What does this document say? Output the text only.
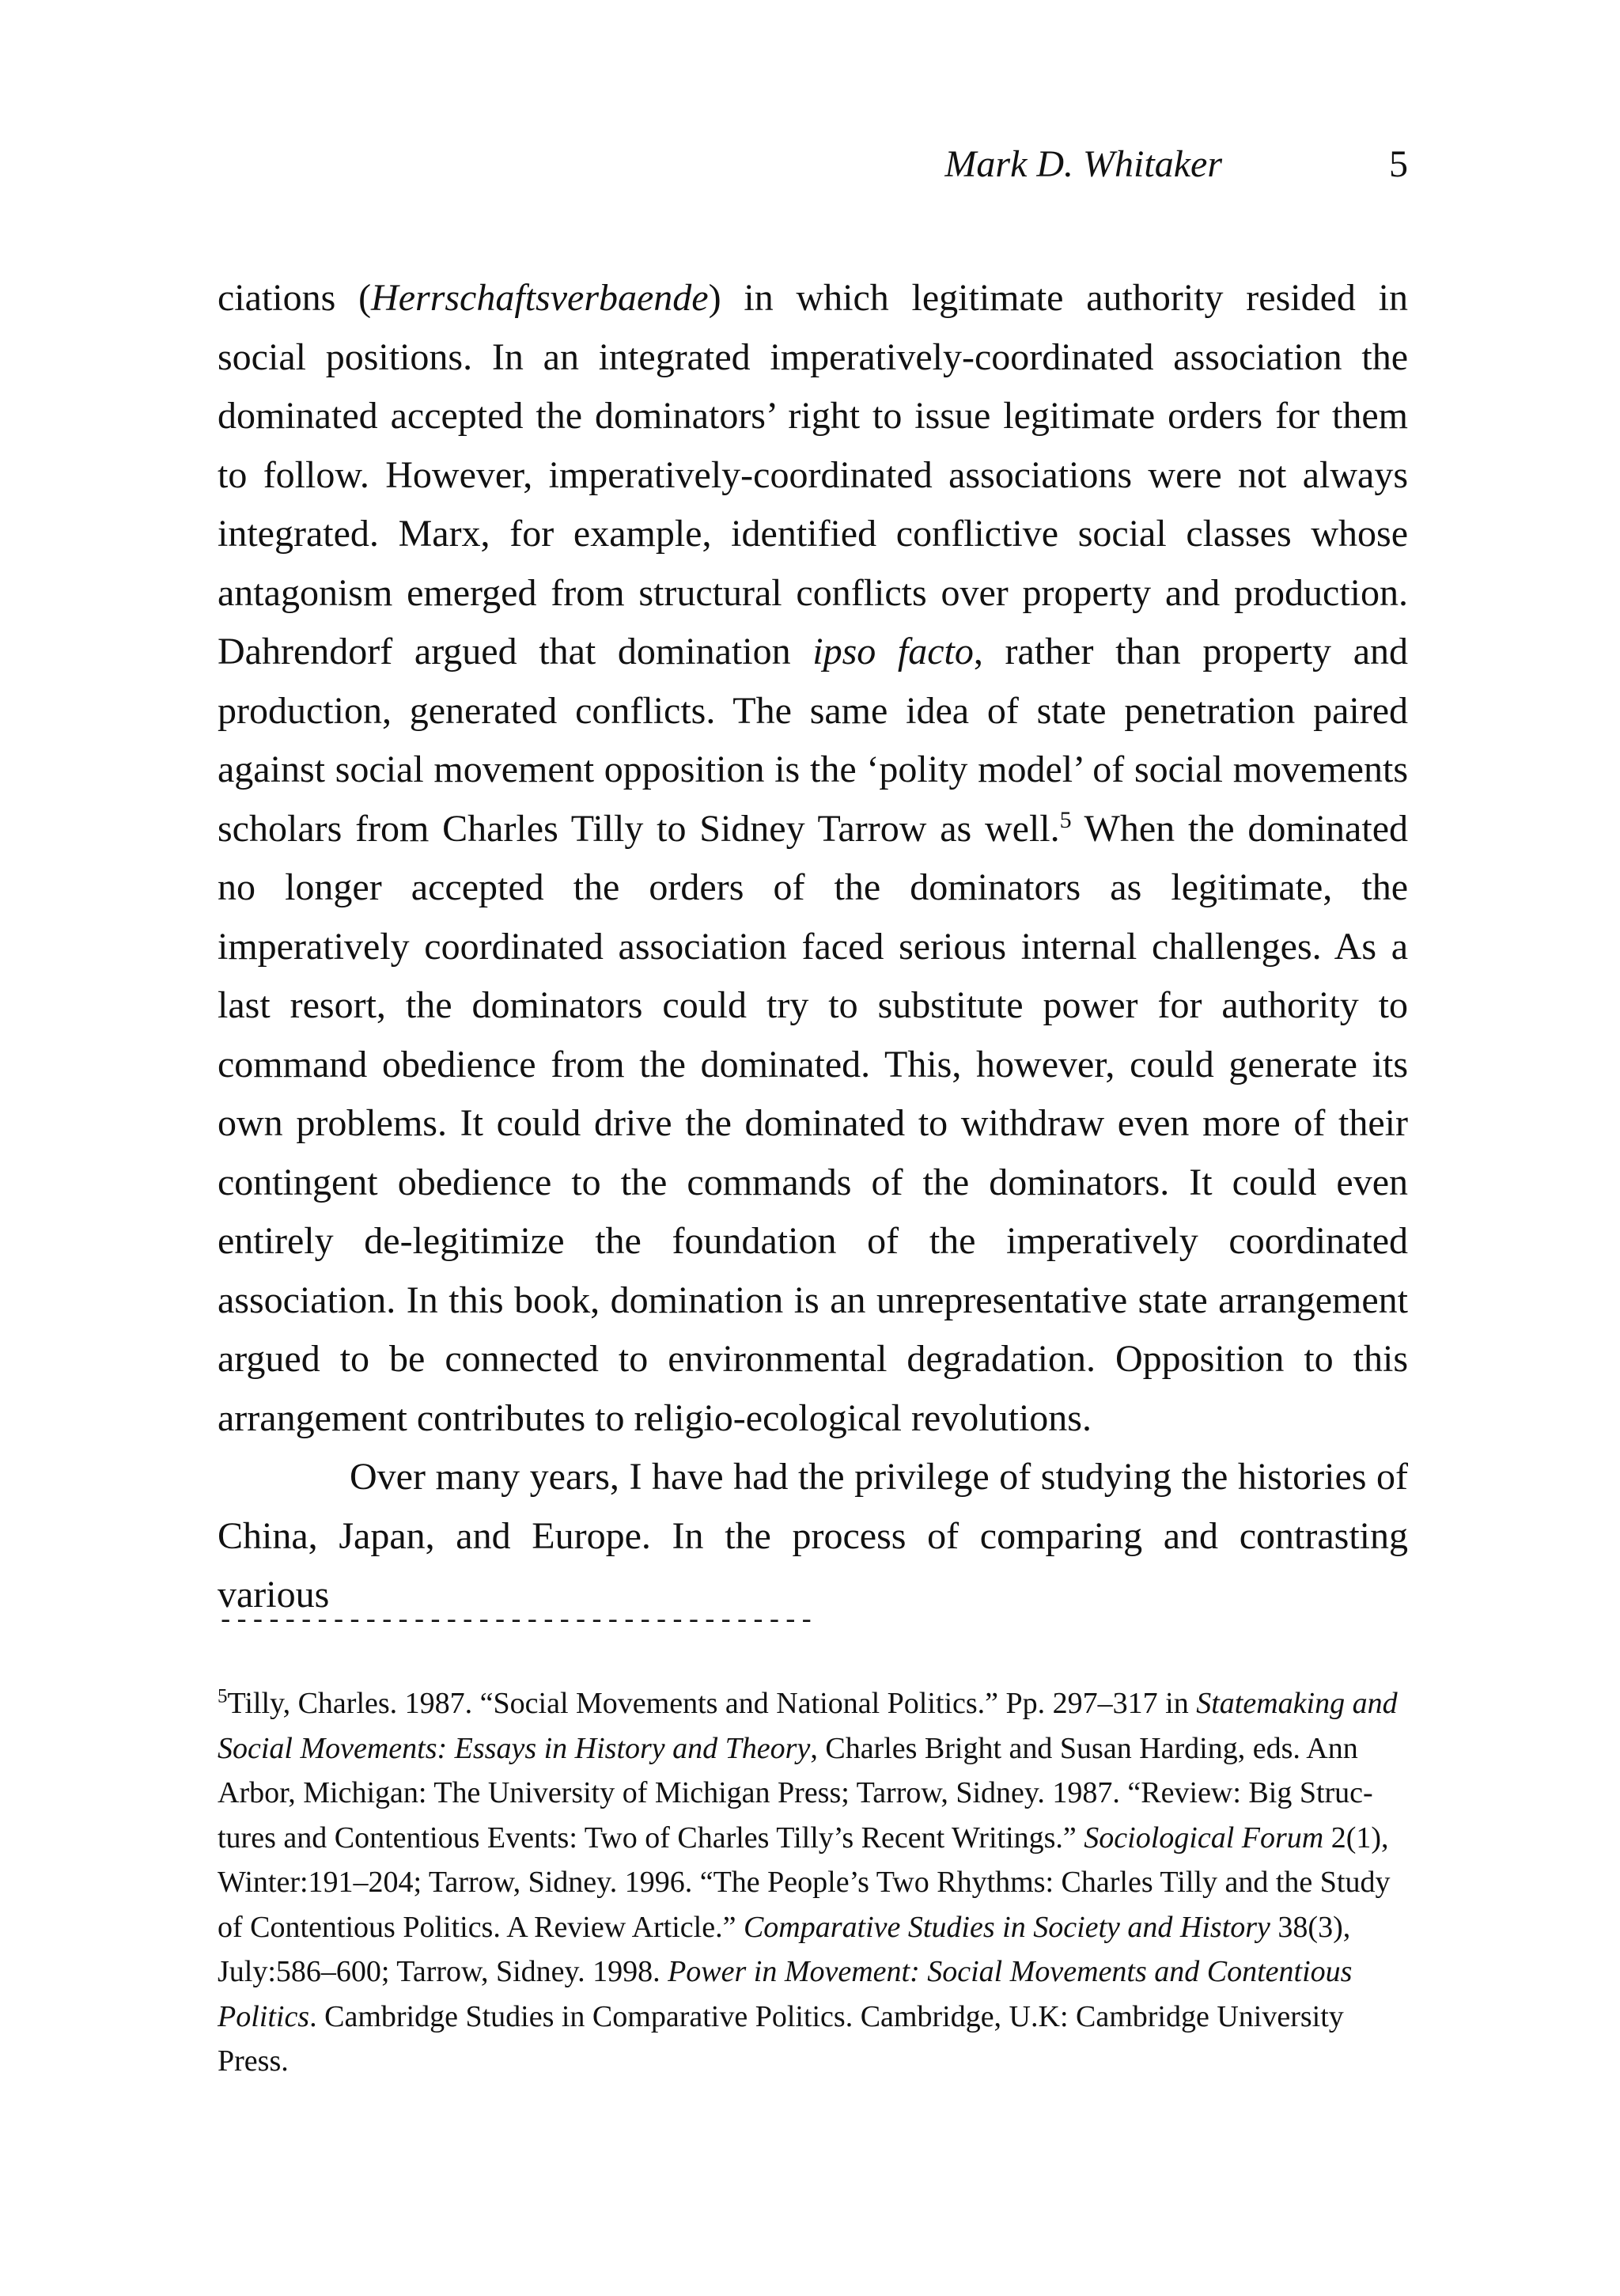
Mark D. Whitaker	5

ciations (Herrschaftsverbaende) in which legitimate authority resided in social positions. In an integrated imperatively-coordinated association the dominated accepted the dominators’ right to issue legitimate orders for them to follow. However, imperatively-coordinated associations were not always integrated. Marx, for example, identified conflictive social classes whose antagonism emerged from structural conflicts over property and production. Dahrendorf argued that domination ipso facto, rather than property and production, generated conflicts. The same idea of state penetration paired against social movement opposition is the ‘polity model’ of social movements scholars from Charles Tilly to Sidney Tarrow as well.$^5$ When the dominated no longer accepted the orders of the dominators as legitimate, the imperatively coordinated association faced serious internal challenges. As a last resort, the dominators could try to substitute power for authority to command obedience from the dominated. This, however, could generate its own problems. It could drive the dominated to withdraw even more of their contingent obedience to the commands of the dominators. It could even entirely de-legitimize the foundation of the imperatively coordinated association. In this book, domination is an unrepresentative state arrangement argued to be connected to environmental degradation. Opposition to this arrangement contributes to religio-ecological revolutions.

Over many years, I have had the privilege of studying the histories of China, Japan, and Europe. In the process of comparing and contrasting various

-------------------------------------

$^5$Tilly, Charles. 1987. “Social Movements and National Politics.” Pp. 297–317 in Statemaking and Social Movements: Essays in History and Theory, Charles Bright and Susan Harding, eds. Ann Arbor, Michigan: The University of Michigan Press; Tarrow, Sidney. 1987. “Review: Big Structures and Contentious Events: Two of Charles Tilly’s Recent Writings.” Sociological Forum 2(1), Winter:191–204; Tarrow, Sidney. 1996. “The People’s Two Rhythms: Charles Tilly and the Study of Contentious Politics. A Review Article.” Comparative Studies in Society and History 38(3), July:586–600; Tarrow, Sidney. 1998. Power in Movement: Social Movements and Contentious Politics. Cambridge Studies in Comparative Politics. Cambridge, U.K: Cambridge University Press.
